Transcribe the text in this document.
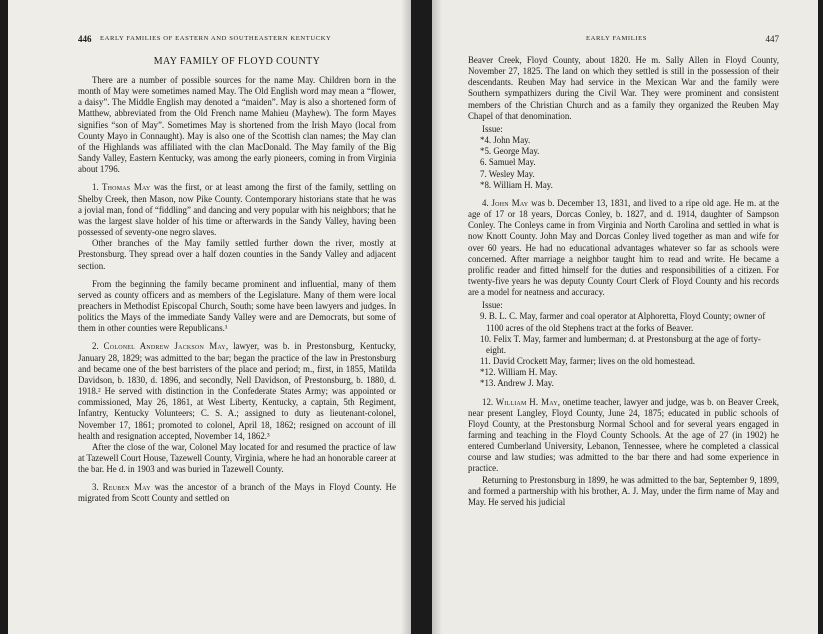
446 EARLY FAMILIES OF EASTERN AND SOUTHEASTERN KENTUCKY
MAY FAMILY OF FLOYD COUNTY

There are a number of possible sources for the name May. Children born in the month of May were sometimes named May. The Old English word may mean a “flower, a daisy”. The Middle English may denoted a “maiden”. May is also a shortened form of Matthew, abbreviated from the Old French name Mahieu (Mayhew). The form Mayes signifies “son of May”. Sometimes May is shortened from the Irish Mayo (local from County Mayo in Connaught). May is also one of the Scottish clan names; the May clan of the Highlands was affiliated with the clan MacDonald. The May family of the Big Sandy Valley, Eastern Kentucky, was among the early pioneers, coming in from Virginia about 1796.

1. Thomas May was the first, or at least among the first of the family, settling on Shelby Creek, then Mason, now Pike County. Contemporary historians state that he was a jovial man, fond of “fiddling” and dancing and very popular with his neighbors; that he was the largest slave holder of his time or afterwards in the Sandy Valley, having been possessed of seventy-one negro slaves.

Other branches of the May family settled further down the river, mostly at Prestonsburg. They spread over a half dozen counties in the Sandy Valley and adjacent section.

From the beginning the family became prominent and influential, many of them served as county officers and as members of the Legislature. Many of them were local preachers in Methodist Episcopal Church, South; some have been lawyers and judges. In politics the Mays of the immediate Sandy Valley were and are Democrats, but some of them in other counties were Republicans.¹

2. Colonel Andrew Jackson May, lawyer, was b. in Prestonsburg, Kentucky, January 28, 1829; was admitted to the bar; began the practice of the law in Prestonsburg and became one of the best barristers of the place and period; m., first, in 1855, Matilda Davidson, b. 1830, d. 1896, and secondly, Nell Davidson, of Prestonsburg, b. 1880, d. 1918.² He served with distinction in the Confederate States Army; was appointed or commissioned, May 26, 1861, at West Liberty, Kentucky, a captain, 5th Regiment, Infantry, Kentucky Volunteers; C. S. A.; assigned to duty as lieutenant-colonel, November 17, 1861; promoted to colonel, April 18, 1862; resigned on account of ill health and resignation accepted, November 14, 1862.³

After the close of the war, Colonel May located for and resumed the practice of law at Tazewell Court House, Tazewell County, Virginia, where he had an honorable career at the bar. He d. in 1903 and was buried in Tazewell County.

3. Reuben May was the ancestor of a branch of the Mays in Floyd County. He migrated from Scott County and settled on

EARLY FAMILIES	447

Beaver Creek, Floyd County, about 1820. He m. Sally Allen in Floyd County, November 27, 1825. The land on which they settled is still in the possession of their descendants. Reuben May had service in the Mexican War and the family were Southern sympathizers during the Civil War. They were prominent and consistent members of the Christian Church and as a family they organized the Reuben May Chapel of that denomination.

Issue:
*4. John May.
*5. George May.
6. Samuel May.
7. Wesley May.
*8. William H. May.

4. John May was b. December 13, 1831, and lived to a ripe old age. He m. at the age of 17 or 18 years, Dorcas Conley, b. 1827, and d. 1914, daughter of Sampson Conley. The Conleys came in from Virginia and North Carolina and settled in what is now Knott County. John May and Dorcas Conley lived together as man and wife for over 60 years. He had no educational advantages whatever so far as schools were concerned. After marriage a neighbor taught him to read and write. He became a prolific reader and fitted himself for the duties and responsibilities of a citizen. For twenty-five years he was deputy County Court Clerk of Floyd County and his records are a model for neatness and accuracy.

Issue:
9. B. L. C. May, farmer and coal operator at Alphoretta, Floyd County; owner of 1100 acres of the old Stephens tract at the forks of Beaver.
10. Felix T. May, farmer and lumberman; d. at Prestonsburg at the age of forty-eight.
11. David Crockett May, farmer; lives on the old homestead.
*12. William H. May.
*13. Andrew J. May.

12. William H. May, onetime teacher, lawyer and judge, was b. on Beaver Creek, near present Langley, Floyd County, June 24, 1875; educated in public schools of Floyd County, at the Prestonsburg Normal School and for several years engaged in farming and teaching in the Floyd County Schools. At the age of 27 (in 1902) he entered Cumberland University, Lebanon, Tennessee, where he completed a classical course and law studies; was admitted to the bar there and had some experience in practice.

Returning to Prestonsburg in 1899, he was admitted to the bar, September 9, 1899, and formed a partnership with his brother, A. J. May, under the firm name of May and May. He served his judicial
